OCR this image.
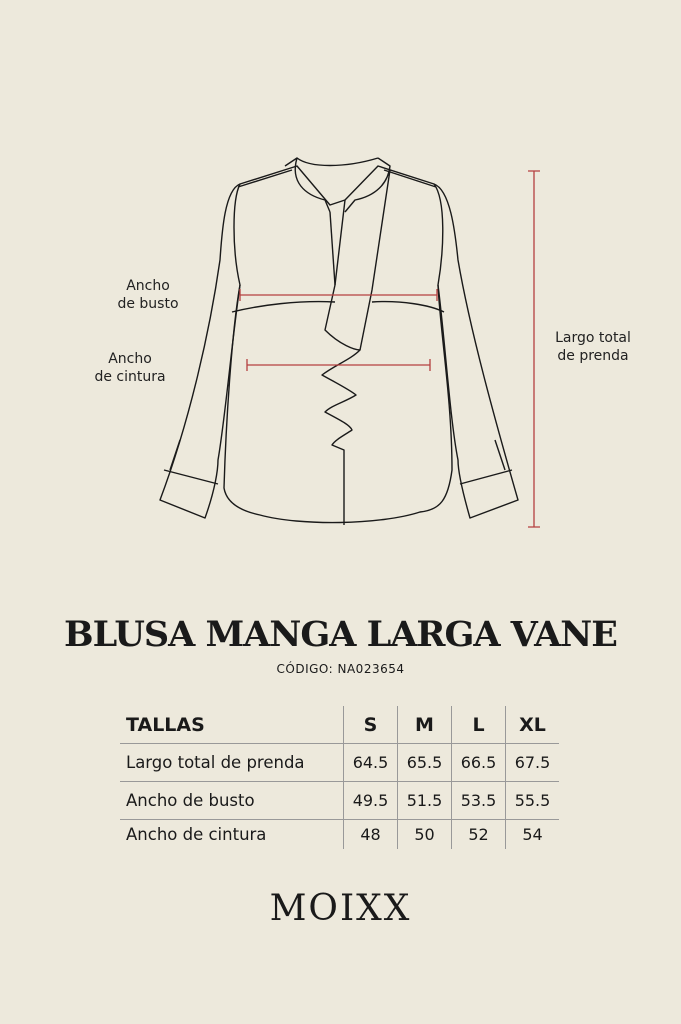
Ancho
de busto
Ancho
de cintura
Largo total
de prenda
BLUSA MANGA LARGA VANE
CÓDIGO: NA023654
TALLAS	S	M	L	XL
Largo total de prenda	64.5	65.5	66.5	67.5
Ancho de busto	49.5	51.5	53.5	55.5
Ancho de cintura	48	50	52	54
MOIXX
